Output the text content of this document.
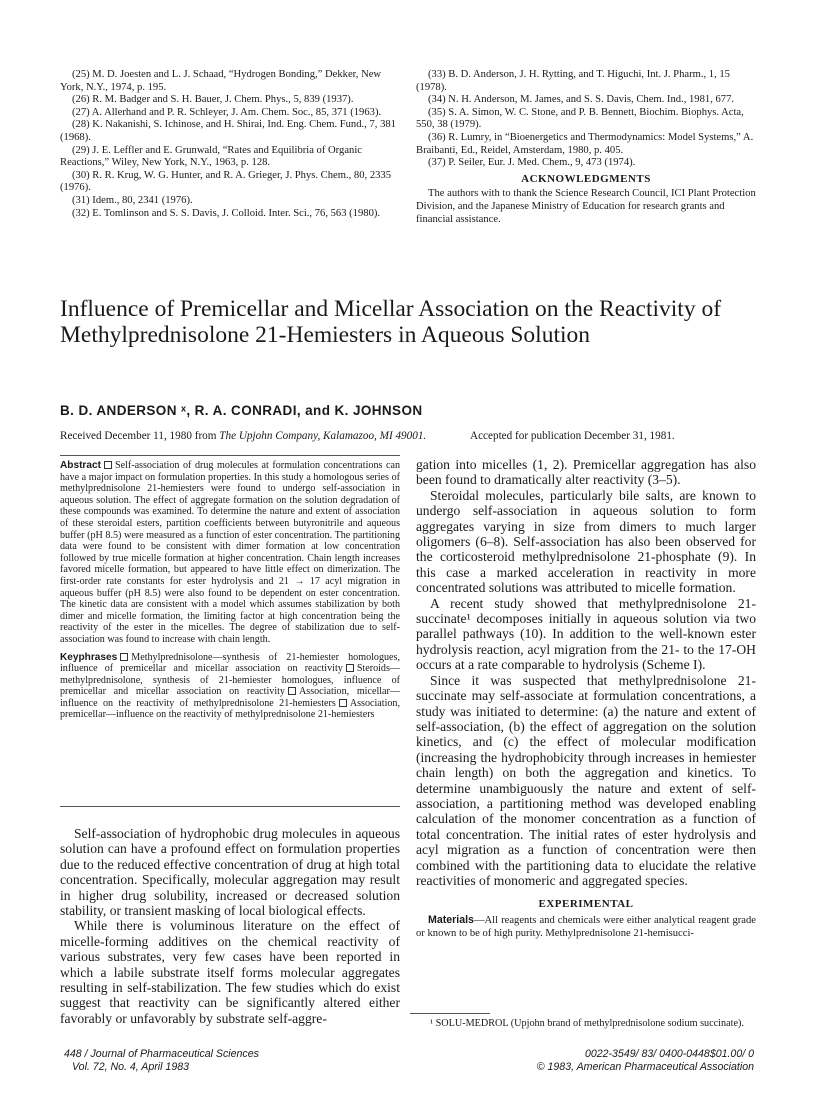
(25) M. D. Joesten and L. J. Schaad, “Hydrogen Bonding,” Dekker, New York, N.Y., 1974, p. 195.

(26) R. M. Badger and S. H. Bauer, J. Chem. Phys., 5, 839 (1937).

(27) A. Allerhand and P. R. Schleyer, J. Am. Chem. Soc., 85, 371 (1963).

(28) K. Nakanishi, S. Ichinose, and H. Shirai, Ind. Eng. Chem. Fund., 7, 381 (1968).

(29) J. E. Leffler and E. Grunwald, “Rates and Equilibria of Organic Reactions,” Wiley, New York, N.Y., 1963, p. 128.

(30) R. R. Krug, W. G. Hunter, and R. A. Grieger, J. Phys. Chem., 80, 2335 (1976).

(31) Idem., 80, 2341 (1976).

(32) E. Tomlinson and S. S. Davis, J. Colloid. Inter. Sci., 76, 563 (1980).

(33) B. D. Anderson, J. H. Rytting, and T. Higuchi, Int. J. Pharm., 1, 15 (1978).

(34) N. H. Anderson, M. James, and S. S. Davis, Chem. Ind., 1981, 677.

(35) S. A. Simon, W. C. Stone, and P. B. Bennett, Biochim. Biophys. Acta, 550, 38 (1979).

(36) R. Lumry, in “Bioenergetics and Thermodynamics: Model Systems,” A. Braibanti, Ed., Reidel, Amsterdam, 1980, p. 405.

(37) P. Seiler, Eur. J. Med. Chem., 9, 473 (1974).

ACKNOWLEDGMENTS

The authors with to thank the Science Research Council, ICI Plant Protection Division, and the Japanese Ministry of Education for research grants and financial assistance.

Influence of Premicellar and Micellar Association on the Reactivity of Methylprednisolone 21-Hemiesters in Aqueous Solution

B. D. ANDERSON ˣ, R. A. CONRADI, and K. JOHNSON

Received December 11, 1980 from The Upjohn Company, Kalamazoo, MI 49001.	Accepted for publication December 31, 1981.

Abstract Self-association of drug molecules at formulation concentrations can have a major impact on formulation properties. In this study a homologous series of methylprednisolone 21-hemiesters were found to undergo self-association in aqueous solution. The effect of aggregate formation on the solution degradation of these compounds was examined. To determine the nature and extent of association of these steroidal esters, partition coefficients between butyronitrile and aqueous buffer (pH 8.5) were measured as a function of ester concentration. The partitioning data were found to be consistent with dimer formation at low concentration followed by true micelle formation at higher concentration. Chain length increases favored micelle formation, but appeared to have little effect on dimerization. The first-order rate constants for ester hydrolysis and 21 → 17 acyl migration in aqueous buffer (pH 8.5) were also found to be dependent on ester concentration. The kinetic data are consistent with a model which assumes stabilization by both dimer and micelle formation, the limiting factor at high concentration being the reactivity of the ester in the micelles. The degree of stabilization due to self-association was found to increase with chain length.

Keyphrases Methylprednisolone—synthesis of 21-hemiester homologues, influence of premicellar and micellar association on reactivity Steroids—methylprednisolone, synthesis of 21-hemiester homologues, influence of premicellar and micellar association on reactivity Association, micellar—influence on the reactivity of methylprednisolone 21-hemiesters Association, premicellar—influence on the reactivity of methylprednisolone 21-hemiesters

Self-association of hydrophobic drug molecules in aqueous solution can have a profound effect on formulation properties due to the reduced effective concentration of drug at high total concentration. Specifically, molecular aggregation may result in higher drug solubility, increased or decreased solution stability, or transient masking of local biological effects.

While there is voluminous literature on the effect of micelle-forming additives on the chemical reactivity of various substrates, very few cases have been reported in which a labile substrate itself forms molecular aggregates resulting in self-stabilization. The few studies which do exist suggest that reactivity can be significantly altered either favorably or unfavorably by substrate self-aggre-

gation into micelles (1, 2). Premicellar aggregation has also been found to dramatically alter reactivity (3–5).

Steroidal molecules, particularly bile salts, are known to undergo self-association in aqueous solution to form aggregates varying in size from dimers to much larger oligomers (6–8). Self-association has also been observed for the corticosteroid methylprednisolone 21-phosphate (9). In this case a marked acceleration in reactivity in more concentrated solutions was attributed to micelle formation.

A recent study showed that methylprednisolone 21-succinate¹ decomposes initially in aqueous solution via two parallel pathways (10). In addition to the well-known ester hydrolysis reaction, acyl migration from the 21- to the 17-OH occurs at a rate comparable to hydrolysis (Scheme I).

Since it was suspected that methylprednisolone 21-succinate may self-associate at formulation concentrations, a study was initiated to determine: (a) the nature and extent of self-association, (b) the effect of aggregation on the solution kinetics, and (c) the effect of molecular modification (increasing the hydrophobicity through increases in hemiester chain length) on both the aggregation and kinetics. To determine unambiguously the nature and extent of self-association, a partitioning method was developed enabling calculation of the monomer concentration as a function of total concentration. The initial rates of ester hydrolysis and acyl migration as a function of concentration were then combined with the partitioning data to elucidate the relative reactivities of monomeric and aggregated species.

EXPERIMENTAL

Materials—All reagents and chemicals were either analytical reagent grade or known to be of high purity. Methylprednisolone 21-hemisucci-

¹ SOLU-MEDROL (Upjohn brand of methylprednisolone sodium succinate).

448 / Journal of Pharmaceutical Sciences
Vol. 72, No. 4, April 1983
0022-3549/ 83/ 0400-0448$01.00/ 0
© 1983, American Pharmaceutical Association
